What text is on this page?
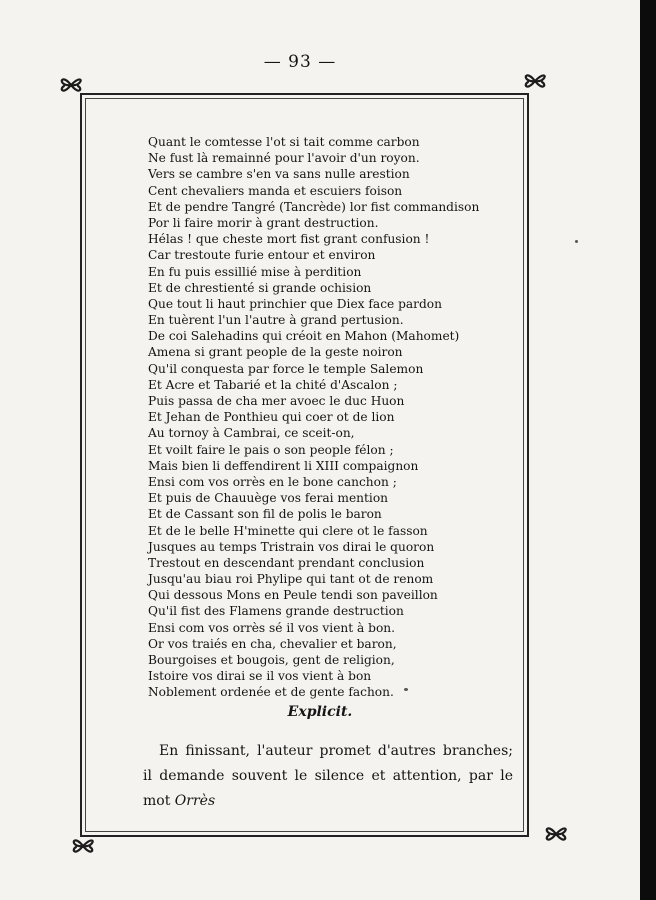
— 93 —
Quant le comtesse l'ot si tait comme carbon
Ne fust là remainné pour l'avoir d'un royon.
Vers se cambre s'en va sans nulle arestion
Cent chevaliers manda et escuiers foison
Et de pendre Tangré (Tancrède) lor fist commandison
Por li faire morir à grant destruction.
Hélas ! que cheste mort fist grant confusion !
Car trestoute furie entour et environ
En fu puis essillié mise à perdition
Et de chrestienté si grande ochision
Que tout li haut princhier que Diex face pardon
En tuèrent l'un l'autre à grand pertusion.
De coi Salehadins qui créoit en Mahon (Mahomet)
Amena si grant people de la geste noiron
Qu'il conquesta par force le temple Salemon
Et Acre et Tabarié et la chité d'Ascalon ;
Puis passa de cha mer avoec le duc Huon
Et Jehan de Ponthieu qui coer ot de lion
Au tornoy à Cambrai, ce sceit-on,
Et voilt faire le pais o son people félon ;
Mais bien li deffendirent li XIII compaignon
Ensi com vos orrès en le bone canchon ;
Et puis de Chauuège vos ferai mention
Et de Cassant son fil de polis le baron
Et de le belle H'minette qui clere ot le fasson
Jusques au temps Tristrain vos dirai le quoron
Trestout en descendant prendant conclusion
Jusqu'au biau roi Phylipe qui tant ot de renom
Qui dessous Mons en Peule tendi son paveillon
Qu'il fist des Flamens grande destruction
Ensi com vos orrès sé il vos vient à bon.
Or vos traiés en cha, chevalier et baron,
Bourgoises et bougois, gent de religion,
Istoire vos dirai se il vos vient à bon
Noblement ordenée et de gente fachon.
Explicit.

En finissant, l'auteur promet d'autres branches; il demande souvent le silence et attention, par le mot Orrès
